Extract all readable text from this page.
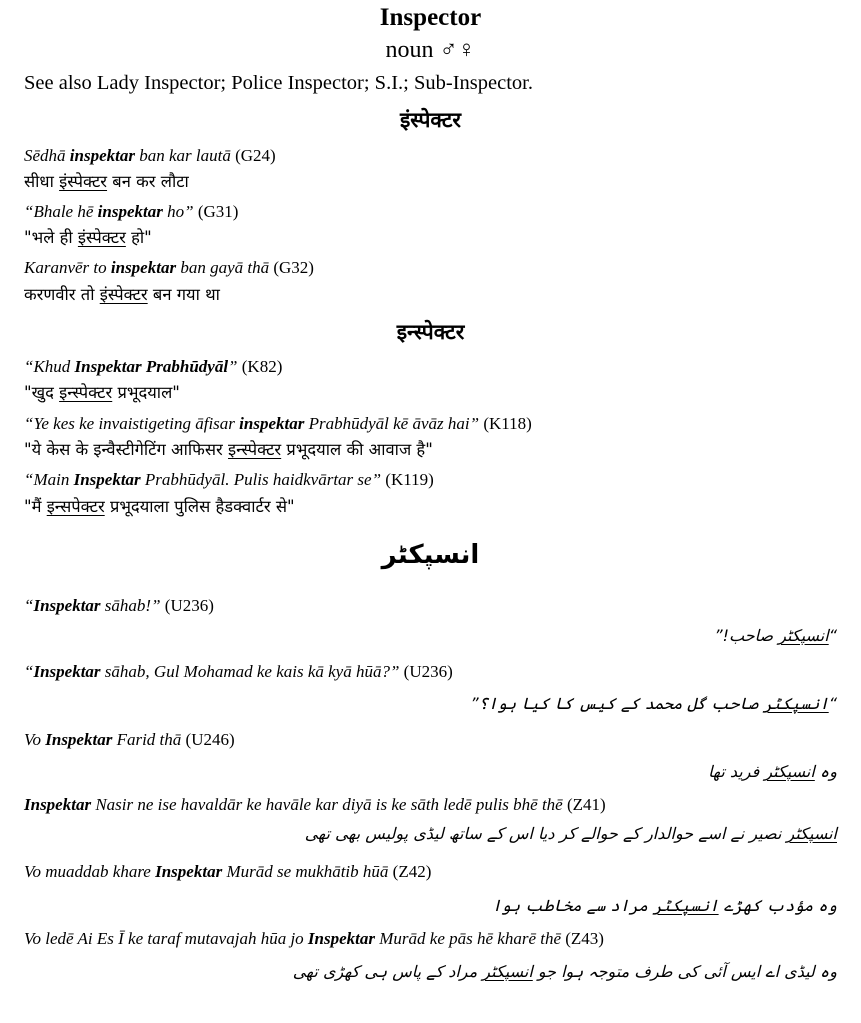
Inspector
noun ♂♀
See also Lady Inspector; Police Inspector; S.I.; Sub-Inspector.
इंस्पेक्टर
Sēdhā inspektar ban kar lautā (G24)
सीधा इंस्पेक्टर बन कर लौटा
“Bhale hē inspektar ho” (G31)
"भले ही इंस्पेक्टर हो"
Karanvēr to inspektar ban gayā thā (G32)
करणवीर तो इंस्पेक्टर बन गया था
इन्स्पेक्टर
“Khud Inspektar Prabhūdyāl” (K82)
"खुद इन्स्पेक्टर प्रभूदयाल"
“Ye kes ke invaistigeting āfisar inspektar Prabhūdyāl kē āvāz hai” (K118)
"ये केस के इन्वैस्टीगेटिंग आफिसर इन्स्पेक्टर प्रभूदयाल की आवाज है"
“Main Inspektar Prabhūdyāl. Pulis haidkvārtar se” (K119)
"मैं इन्सपेक्टर प्रभूदयाला पुलिस हैडक्वार्टर से"
انسپکٹر
“Inspektar sāhab!” (U236)
“انسپکٹر صاحب!”
“Inspektar sāhab, Gul Mohamad ke kais kā kyā hūā?” (U236)
“انسپکٹر صاحب گل محمد کے کیس کا کیا ہوا؟”
Vo Inspektar Farid thā (U246)
وہ انسپکٹر فرید تھا
Inspektar Nasir ne ise havaldār ke havāle kar diyā is ke sāth ledē pulis bhē thē (Z41)
انسپکٹر نصیر نے اسے حوالدار کے حوالے کر دیا اس کے ساتھ لیڈی پولیس بھی تھی
Vo muaddab khare Inspektar Murād se mukhātib hūā (Z42)
وہ مؤدب کھڑے انسپکٹر مراد سے مخاطب ہوا
Vo ledē Ai Es Ī ke taraf mutavajah hūa jo Inspektar Murād ke pās hē kharē thē (Z43)
وہ لیڈی اے ایس آئی کی طرف متوجہ ہوا جو انسپکٹر مراد کے پاس ہی کھڑی تھی
